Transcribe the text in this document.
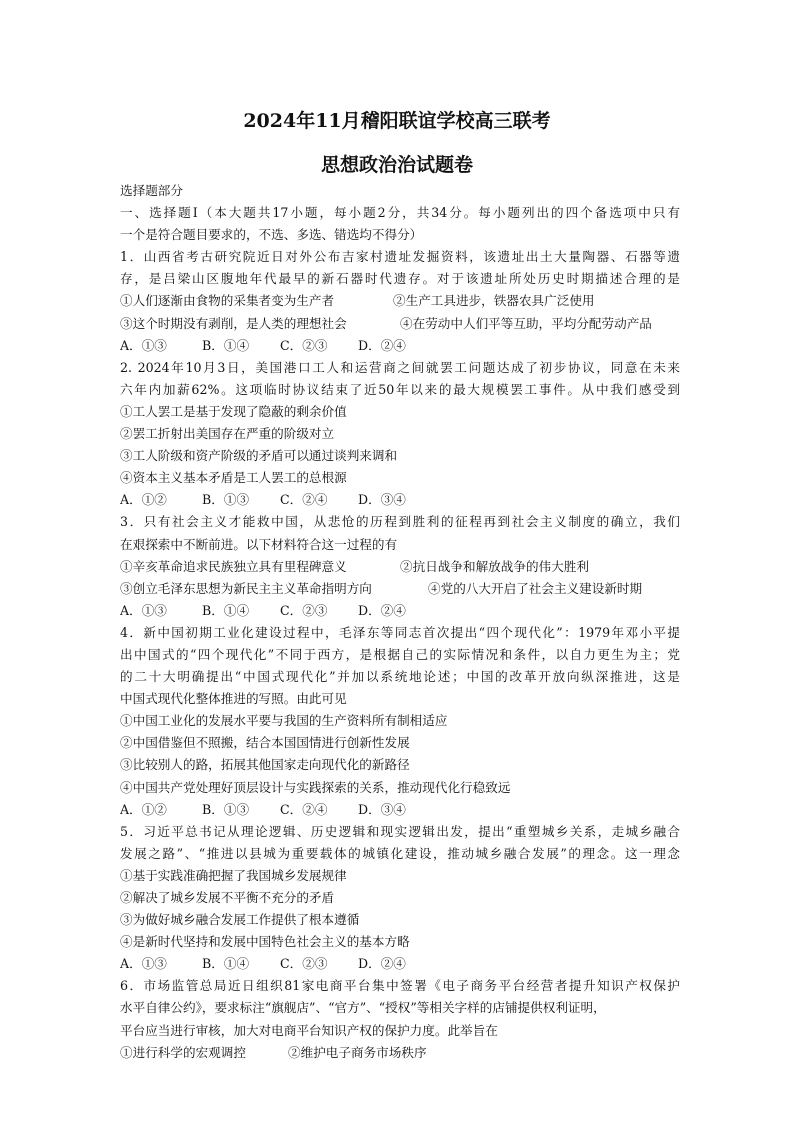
2024年11月稽阳联谊学校高三联考
思想政治治试题卷
选择题部分
一、选择题Ⅰ（本大题共17小题，每小题2分，共34分。每小题列出的四个备选项中只有
一个是符合题目要求的，不选、多选、错选均不得分）
1．山西省考古研究院近日对外公布吉家村遗址发掘资料，该遗址出土大量陶器、石器等遗
存，是吕梁山区腹地年代最早的新石器时代遗存。对于该遗址所处历史时期描述合理的是
①人们逐渐由食物的采集者变为生产者	②生产工具进步，铁器农具广泛使用
③这个时期没有剥削，是人类的理想社会	④在劳动中人们平等互助，平均分配劳动产品
A．①③	B．①④	C．②③	D．②④
2. 2024年10月3日，美国港口工人和运营商之间就罢工问题达成了初步协议，同意在未来
六年内加薪62%。这项临时协议结束了近50年以来的最大规模罢工事件。从中我们感受到
①工人罢工是基于发现了隐蔽的剩余价值
②罢工折射出美国存在严重的阶级对立
③工人阶级和资产阶级的矛盾可以通过谈判来调和
④资本主义基本矛盾是工人罢工的总根源
A．①②	B．①③	C．②④	D．③④
3．只有社会主义才能救中国，从悲怆的历程到胜利的征程再到社会主义制度的确立，我们
在艰探索中不断前进。以下材料符合这一过程的有
①辛亥革命追求民族独立具有里程碑意义	②抗日战争和解放战争的伟大胜利
③创立毛泽东思想为新民主主义革命指明方向	④党的八大开启了社会主义建设新时期
A．①③	B．①④	C．②③	D．②④
4．新中国初期工业化建设过程中，毛泽东等同志首次提出“四个现代化”：1979年邓小平提
出中国式的“四个现代化”不同于西方，是根据自己的实际情况和条件，以自力更生为主；党
的二十大明确提出“中国式现代化”并加以系统地论述；中国的改革开放向纵深推进，这是
中国式现代化整体推进的写照。由此可见
①中国工业化的发展水平要与我国的生产资料所有制相适应
②中国借鉴但不照搬，结合本国国情进行创新性发展
③比较别人的路，拓展其他国家走向现代化的新路径
④中国共产党处理好顶层设计与实践探索的关系，推动现代化行稳致远
A．①②	B．①③	C．②④	D．③④
5．习近平总书记从理论逻辑、历史逻辑和现实逻辑出发，提出“重塑城乡关系，走城乡融合
发展之路”、“推进以县城为重要载体的城镇化建设，推动城乡融合发展”的理念。这一理念
①基于实践准确把握了我国城乡发展规律
②解决了城乡发展不平衡不充分的矛盾
③为做好城乡融合发展工作提供了根本遵循
④是新时代坚持和发展中国特色社会主义的基本方略
A．①③	B．①④	C．②③	D．②④
6．市场监管总局近日组织81家电商平台集中签署《电子商务平台经营者提升知识产权保护
水平自律公约》，要求标注“旗舰店”、“官方”、“授权”等相关字样的店铺提供权利证明，
平台应当进行审核，加大对电商平台知识产权的保护力度。此举旨在
①进行科学的宏观调控	②维护电子商务市场秩序
